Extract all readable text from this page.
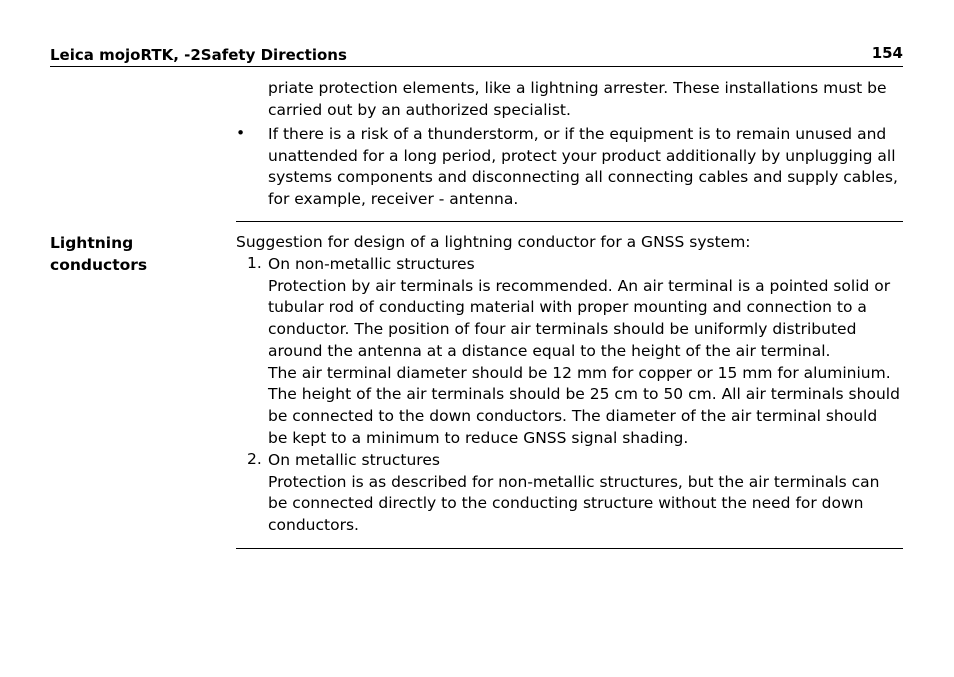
Leica mojoRTK, -2Safety Directions	154

priate protection elements, like a lightning arrester. These installations must be

carried out by an authorized specialist.

• If there is a risk of a thunderstorm, or if the equipment is to remain unused and

unattended for a long period, protect your product additionally by unplugging all

systems components and disconnecting all connecting cables and supply cables,

for example, receiver - antenna.

Lightning
conductors
Suggestion for design of a lightning conductor for a GNSS system:
1. On non-metallic structures

Protection by air terminals is recommended. An air terminal is a pointed solid or

tubular rod of conducting material with proper mounting and connection to a

conductor. The position of four air terminals should be uniformly distributed

around the antenna at a distance equal to the height of the air terminal.

The air terminal diameter should be 12 mm for copper or 15 mm for aluminium.

The height of the air terminals should be 25 cm to 50 cm. All air terminals should

be connected to the down conductors. The diameter of the air terminal should

be kept to a minimum to reduce GNSS signal shading.

2. On metallic structures

Protection is as described for non-metallic structures, but the air terminals can

be connected directly to the conducting structure without the need for down

conductors.
